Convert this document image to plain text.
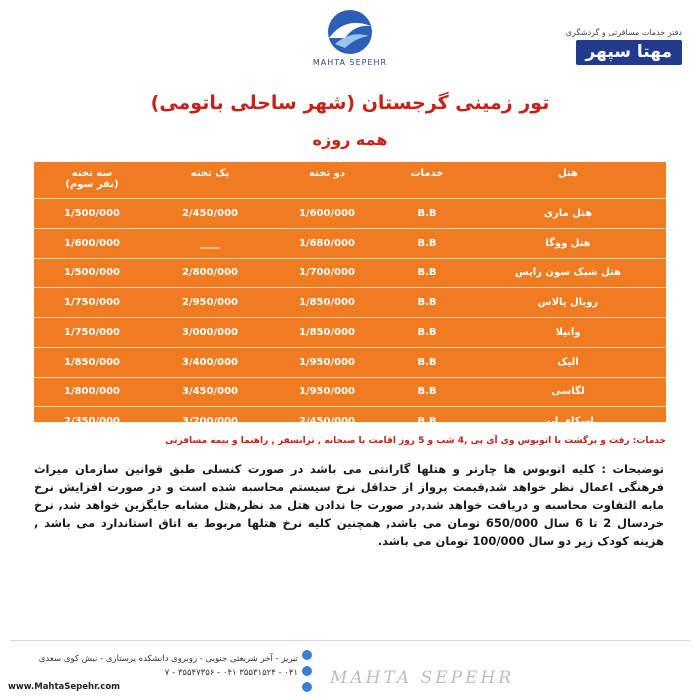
MAHTA SEPEHR
دفتر خدمات مسافرتی و گردشگری
مهتا سپهر
تور زمینی گرجستان (شهر ساحلی باتومی)
همه روزه
هتل	خدمات	دو تخته	یک تخته	سه تخته
(نفر سوم)

هتل ماری	B.B	1/600/000	2/450/000	1/500/000
هتل ووگا	B.B	1/680/000	____	1/600/000
هتل شیک سون رایس	B.B	1/700/000	2/800/000	1/500/000
رویال پالاس	B.B	1/850/000	2/950/000	1/750/000
وانیلا	B.B	1/850/000	3/000/000	1/750/000
الیک	B.B	1/950/000	3/400/000	1/850/000
لگاسی	B.B	1/950/000	3/450/000	1/800/000
اسکای این	B.B	2/450/000	3/200/000	2/350/000
خدمات: رفت و برگشت با اتوبوس وی آی پی ,4 شب و 5 روز اقامت با صبحانه , ترانسفر , راهنما و بیمه مسافرتی
توضیحات : کلیه اتوبوس ها چارتر و هتلها گارانتی می باشد در صورت کنسلی طبق قوانین سازمان میراث فرهنگی اعمال نظر خواهد شد,قیمت پرواز از حداقل نرخ سیستم محاسبه شده است و در صورت افزایش نرخ مابه التفاوت محاسبه و دریافت خواهد شد,در صورت جا ندادن هتل مد نظر,هتل مشابه جایگزین خواهد شد, نرخ خردسال 2 تا 6 سال 650/000 تومان می باشد, همچنین کلیه نرخ هتلها مربوط به اتاق استاندارد می باشد , هزینه کودک زیر دو سال 100/000 تومان می باشد.
تبریز - آخر شریعتی جنوبی - روبروی دانشکده پرستاری - نبش کوی سعدی
۰۴۱ - ۳۵۵۳۱۵۲۴ ۰۴۱ - ۳۵۵۴۷۳۵۶ - ۷
www.MahtaSepehr.com	MAHTA SEPEHR
